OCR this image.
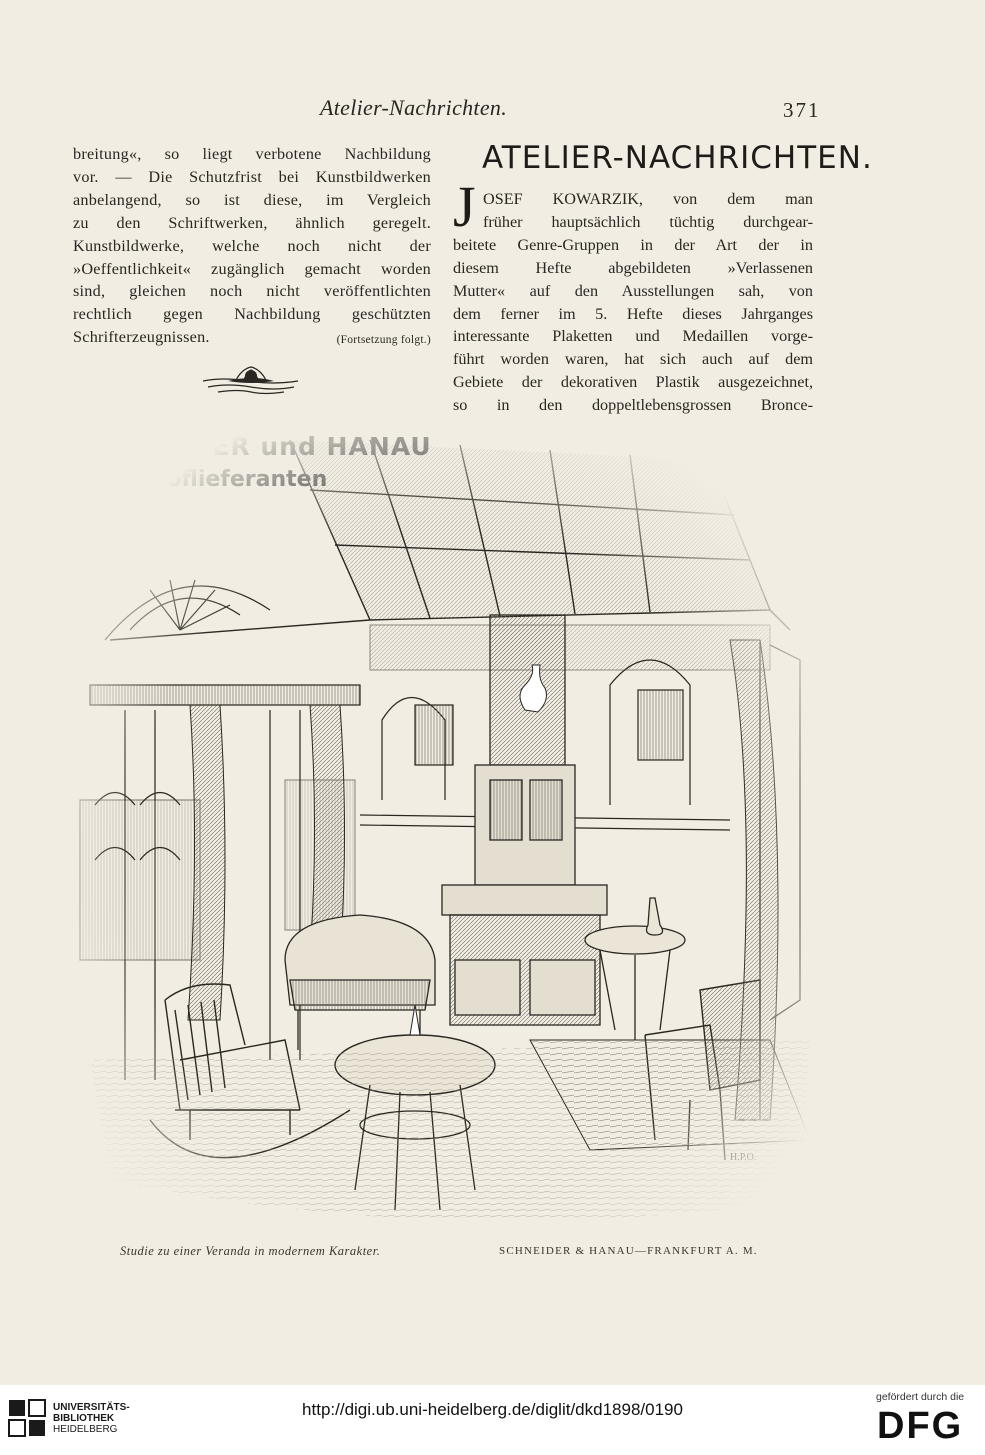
Atelier-Nachrichten.	371
breitung«, so liegt verbotene Nachbildung
vor. — Die Schutzfrist bei Kunstbildwerken
anbelangend, so ist diese, im Vergleich
zu den Schriftwerken, ähnlich geregelt.
Kunstbildwerke, welche noch nicht der
»Oeffentlichkeit« zugänglich gemacht worden
sind, gleichen noch nicht veröffentlichten
rechtlich gegen Nachbildung geschützten
Schrifterzeugnissen.	(Fortsetzung folgt.)
ATELIER-NACHRICHTEN.
J OSEF KOWARZIK, von dem man
früher hauptsächlich tüchtig durchgear-
beitete Genre-Gruppen in der Art der in
diesem Hefte abgebildeten »Verlassenen
Mutter« auf den Ausstellungen sah, von
dem ferner im 5. Hefte dieses Jahrganges
interessante Plaketten und Medaillen vorge-
führt worden waren, hat sich auch auf dem
Gebiete der dekorativen Plastik ausgezeichnet,
so in den doppeltlebensgrossen Bronce-
Studie zu einer Veranda in modernem Karakter.	SCHNEIDER & HANAU—FRANKFURT A. M.
UNIVERSITÄTS-
BIBLIOTHEK
HEIDELBERG
http://digi.ub.uni-heidelberg.de/diglit/dkd1898/0190
gefördert durch die
DFG
